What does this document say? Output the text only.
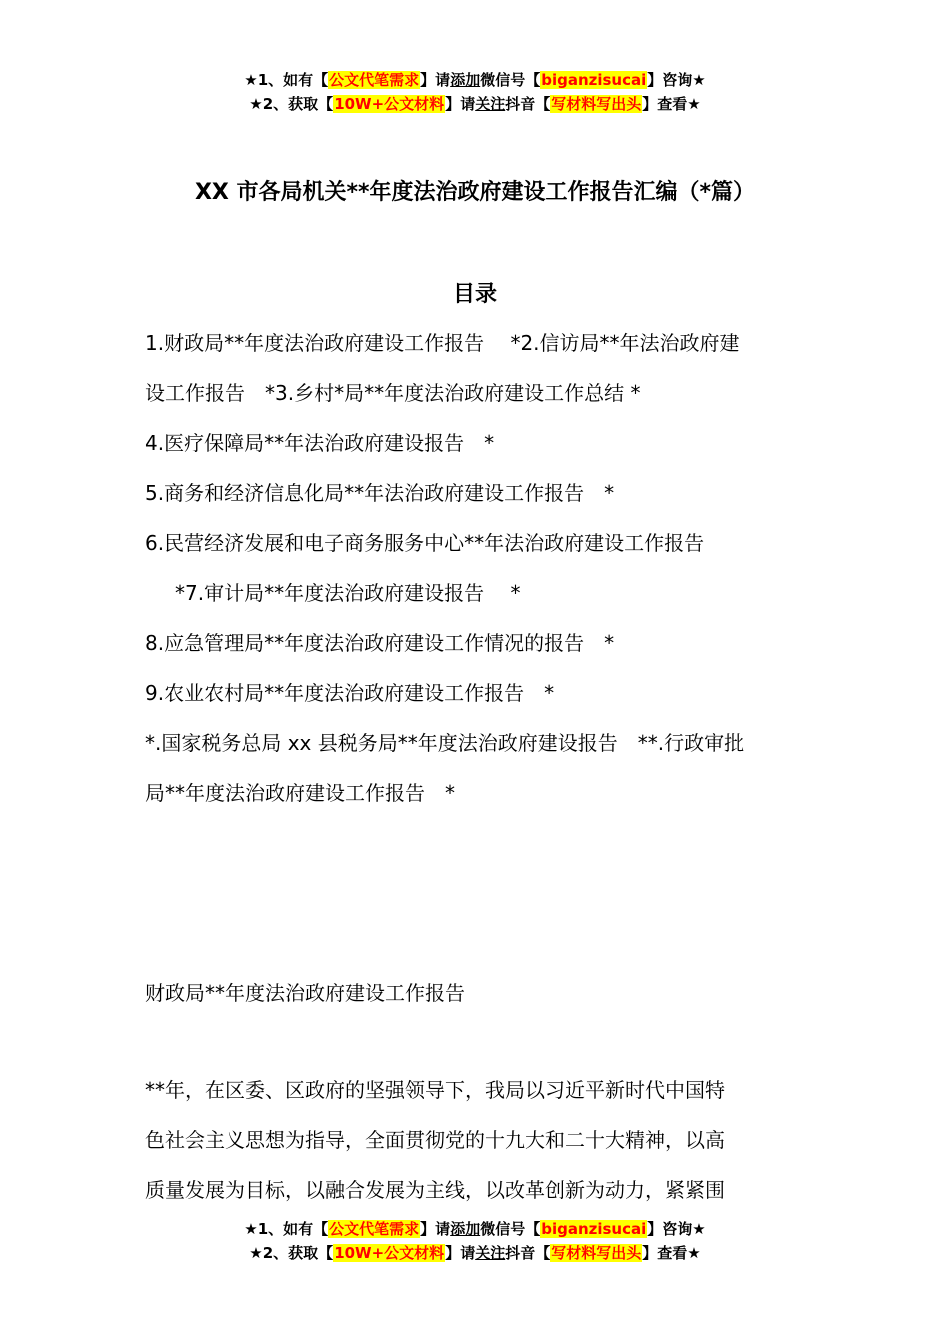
★1、如有【公文代笔需求】请添加微信号【biganzisucai】咨询★
★2、获取【10W+公文材料】请关注抖音【写材料写出头】查看★
XX 市各局机关**年度法治政府建设工作报告汇编（*篇）
目录
1.财政局**年度法治政府建设工作报告　 *2.信访局**年法治政府建
设工作报告　*3.乡村*局**年度法治政府建设工作总结 *
4.医疗保障局**年法治政府建设报告　*
5.商务和经济信息化局**年法治政府建设工作报告　*
6.民营经济发展和电子商务服务中心**年法治政府建设工作报告
*7.审计局**年度法治政府建设报告　 *
8.应急管理局**年度法治政府建设工作情况的报告　*
9.农业农村局**年度法治政府建设工作报告　*
*.国家税务总局 xx 县税务局**年度法治政府建设报告　**.行政审批
局**年度法治政府建设工作报告　*
财政局**年度法治政府建设工作报告
**年，在区委、区政府的坚强领导下，我局以习近平新时代中国特
色社会主义思想为指导，全面贯彻党的十九大和二十大精神，以高
质量发展为目标，以融合发展为主线，以改革创新为动力，紧紧围
★1、如有【公文代笔需求】请添加微信号【biganzisucai】咨询★
★2、获取【10W+公文材料】请关注抖音【写材料写出头】查看★
